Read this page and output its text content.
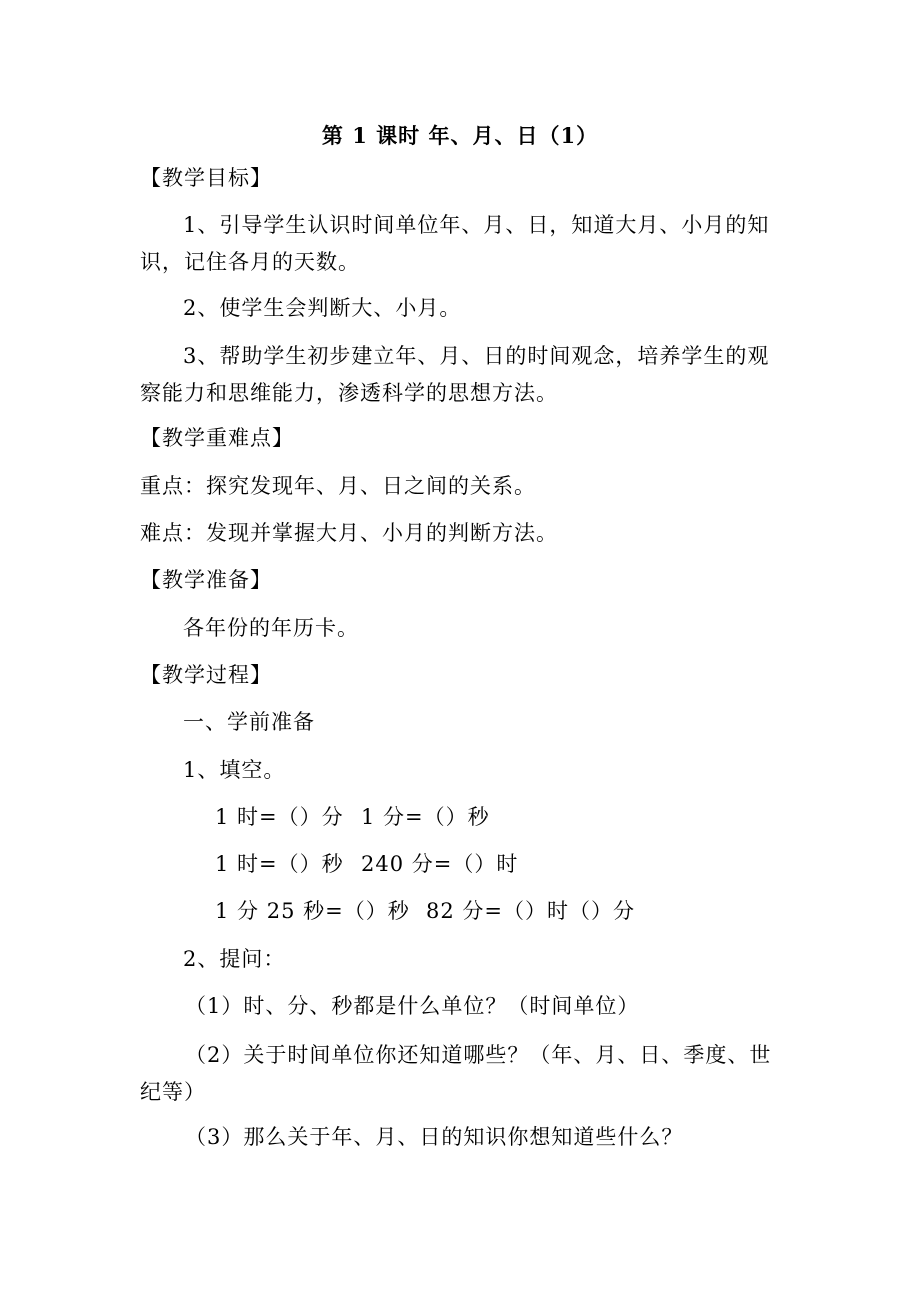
第 1 课时 年、月、日（1）
【教学目标】
1、引导学生认识时间单位年、月、日，知道大月、小月的知识，记住各月的天数。
2、使学生会判断大、小月。
3、帮助学生初步建立年、月、日的时间观念，培养学生的观察能力和思维能力，渗透科学的思想方法。
【教学重难点】
重点：探究发现年、月、日之间的关系。
难点：发现并掌握大月、小月的判断方法。
【教学准备】
各年份的年历卡。
【教学过程】
一、学前准备
1、填空。
1 时=（）分 1 分=（）秒
1 时=（）秒 240 分=（）时
1 分 25 秒=（）秒 82 分=（）时（）分
2、提问：
（1）时、分、秒都是什么单位？（时间单位）
（2）关于时间单位你还知道哪些？（年、月、日、季度、世纪等）
（3）那么关于年、月、日的知识你想知道些什么？
